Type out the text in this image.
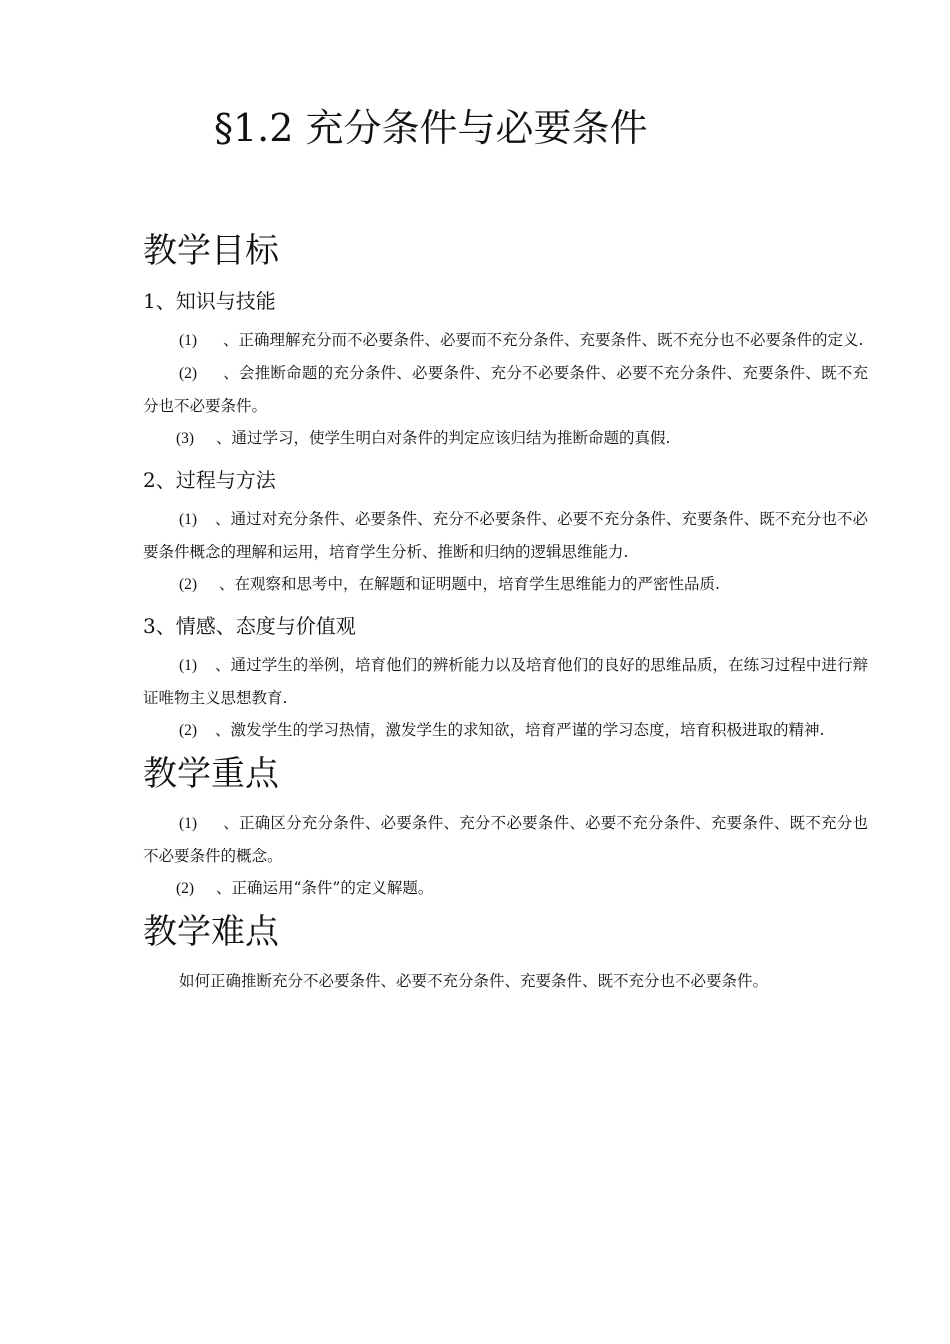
§1.2 充分条件与必要条件
教学目标
1、知识与技能

(1) 、正确理解充分而不必要条件、必要而不充分条件、充要条件、既不充分也不必要条件的定义.

(2) 、会推断命题的充分条件、必要条件、充分不必要条件、必要不充分条件、充要条件、既不充分也不必要条件。

(3) 、通过学习，使学生明白对条件的判定应该归结为推断命题的真假.

2、过程与方法

(1) 、通过对充分条件、必要条件、充分不必要条件、必要不充分条件、充要条件、既不充分也不必要条件概念的理解和运用，培育学生分析、推断和归纳的逻辑思维能力.

(2) 、在观察和思考中，在解题和证明题中，培育学生思维能力的严密性品质.

3、情感、态度与价值观

(1) 、通过学生的举例，培育他们的辨析能力以及培育他们的良好的思维品质，在练习过程中进行辩证唯物主义思想教育.

(2) 、激发学生的学习热情，激发学生的求知欲，培育严谨的学习态度，培育积极进取的精神.

教学重点

(1) 、正确区分充分条件、必要条件、充分不必要条件、必要不充分条件、充要条件、既不充分也不必要条件的概念。

(2) 、正确运用“条件”的定义解题。

教学难点

如何正确推断充分不必要条件、必要不充分条件、充要条件、既不充分也不必要条件。
